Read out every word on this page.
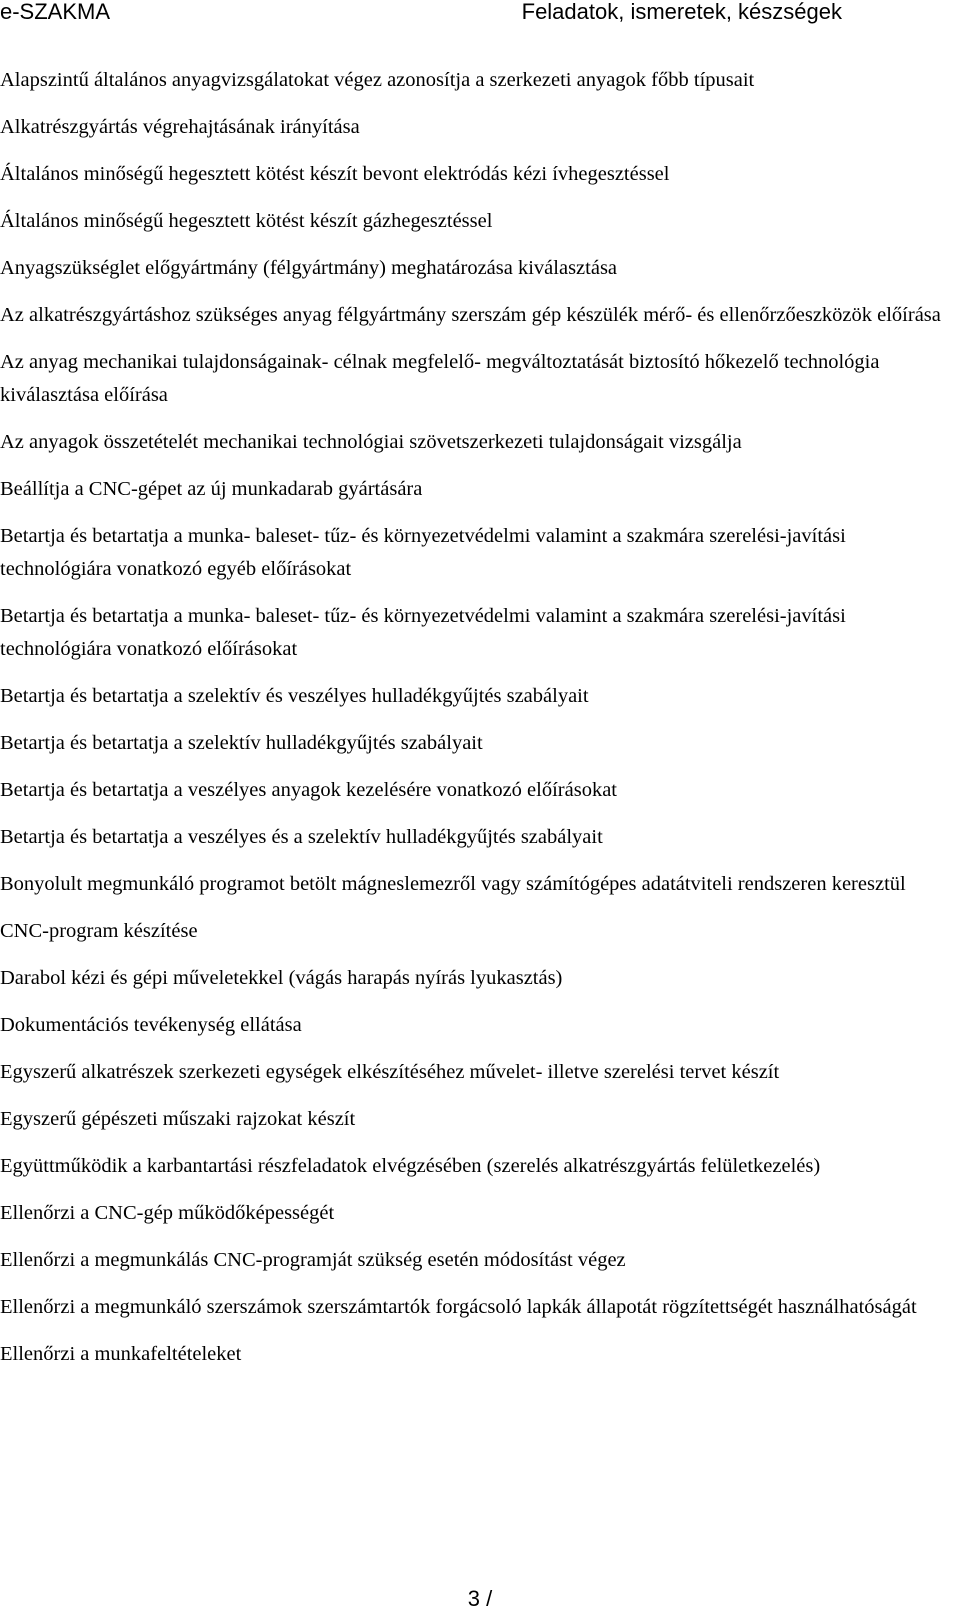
e-SZAKMA	Feladatok, ismeretek, készségek
Alapszintű általános anyagvizsgálatokat végez azonosítja a szerkezeti anyagok főbb típusait
Alkatrészgyártás végrehajtásának irányítása
Általános minőségű hegesztett kötést készít bevont elektródás kézi ívhegesztéssel
Általános minőségű hegesztett kötést készít gázhegesztéssel
Anyagszükséglet előgyártmány (félgyártmány) meghatározása kiválasztása
Az alkatrészgyártáshoz szükséges anyag félgyártmány szerszám gép készülék mérő- és ellenőrzőeszközök előírása
Az anyag mechanikai tulajdonságainak- célnak megfelelő- megváltoztatását biztosító hőkezelő technológia kiválasztása előírása
Az anyagok összetételét mechanikai technológiai szövetszerkezeti tulajdonságait vizsgálja
Beállítja a CNC-gépet az új munkadarab gyártására
Betartja és betartatja a munka- baleset- tűz- és környezetvédelmi valamint a szakmára szerelési-javítási technológiára vonatkozó egyéb előírásokat
Betartja és betartatja a munka- baleset- tűz- és környezetvédelmi valamint a szakmára szerelési-javítási technológiára vonatkozó előírásokat
Betartja és betartatja a szelektív és veszélyes hulladékgyűjtés szabályait
Betartja és betartatja a szelektív hulladékgyűjtés szabályait
Betartja és betartatja a veszélyes anyagok kezelésére vonatkozó előírásokat
Betartja és betartatja a veszélyes és a szelektív hulladékgyűjtés szabályait
Bonyolult megmunkáló programot betölt mágneslemezről vagy számítógépes adatátviteli rendszeren keresztül
CNC-program készítése
Darabol kézi és gépi műveletekkel (vágás harapás nyírás lyukasztás)
Dokumentációs tevékenység ellátása
Egyszerű alkatrészek szerkezeti egységek elkészítéséhez művelet- illetve szerelési tervet készít
Egyszerű gépészeti műszaki rajzokat készít
Együttműködik a karbantartási részfeladatok elvégzésében (szerelés alkatrészgyártás felületkezelés)
Ellenőrzi a CNC-gép működőképességét
Ellenőrzi a megmunkálás CNC-programját szükség esetén módosítást végez
Ellenőrzi a megmunkáló szerszámok szerszámtartók forgácsoló lapkák állapotát rögzítettségét használhatóságát
Ellenőrzi a munkafeltételeket
3 /
